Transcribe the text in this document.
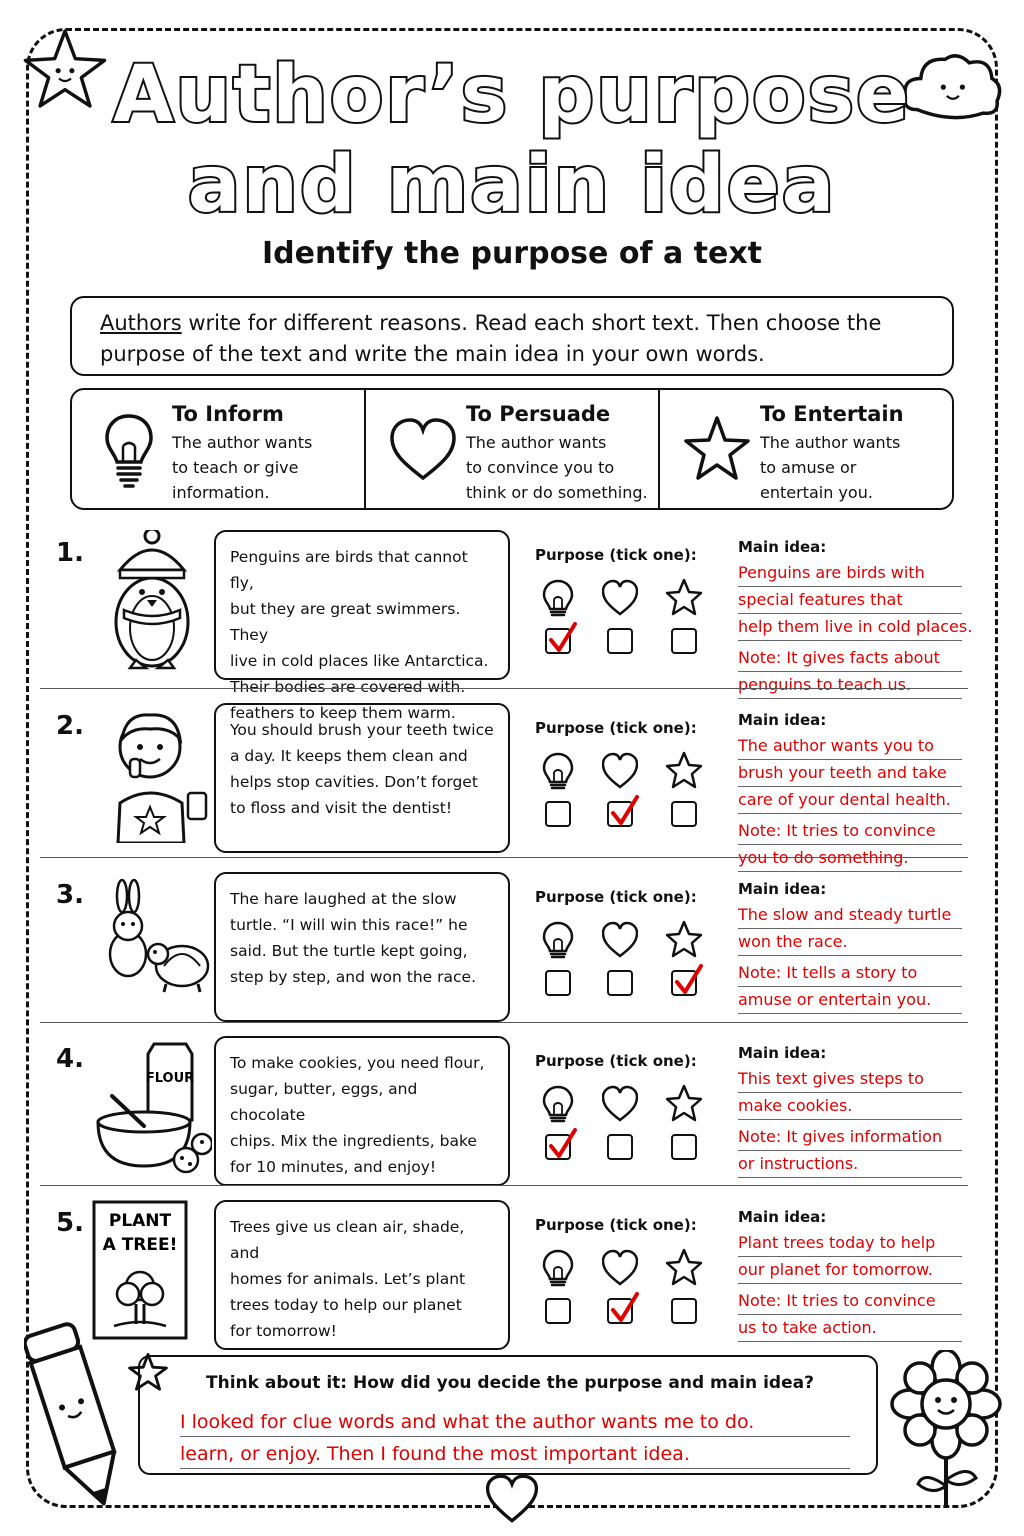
Author’s purpose
and main idea
Identify the purpose of a text
Authors write for different reasons. Read each short text. Then choose the purpose of the text and write the main idea in your own words.
To Inform
The author wants
to teach or give
information.
To Persuade
The author wants
to convince you to
think or do something.
To Entertain
The author wants
to amuse or
entertain you.
1.	Penguins are birds that cannot fly,
but they are great swimmers. They
live in cold places like Antarctica.
Their bodies are covered with.
feathers to keep them warm.
Purpose (tick one):	Main idea:
Penguins are birds with
special features that
help them live in cold places.
Note: It gives facts about
penguins to teach us.
2.	You should brush your teeth twice
a day. It keeps them clean and
helps stop cavities. Don’t forget
to floss and visit the dentist!
Purpose (tick one):	Main idea:
The author wants you to
brush your teeth and take
care of your dental health.
Note: It tries to convince
you to do something.
3.	The hare laughed at the slow
turtle. “I will win this race!” he
said. But the turtle kept going,
step by step, and won the race.
Purpose (tick one):	Main idea:
The slow and steady turtle
won the race.
Note: It tells a story to
amuse or entertain you.
4.
FLOUR
To make cookies, you need flour,
sugar, butter, eggs, and chocolate
chips. Mix the ingredients, bake
for 10 minutes, and enjoy!
Purpose (tick one):	Main idea:
This text gives steps to
make cookies.
Note: It gives information
or instructions.
5. PLANT
A TREE!
Trees give us clean air, shade, and
homes for animals. Let’s plant
trees today to help our planet
for tomorrow!
Purpose (tick one):	Main idea:
Plant trees today to help
our planet for tomorrow.
Note: It tries to convince
us to take action.
Think about it: How did you decide the purpose and main idea?
I looked for clue words and what the author wants me to do.
learn, or enjoy. Then I found the most important idea.
